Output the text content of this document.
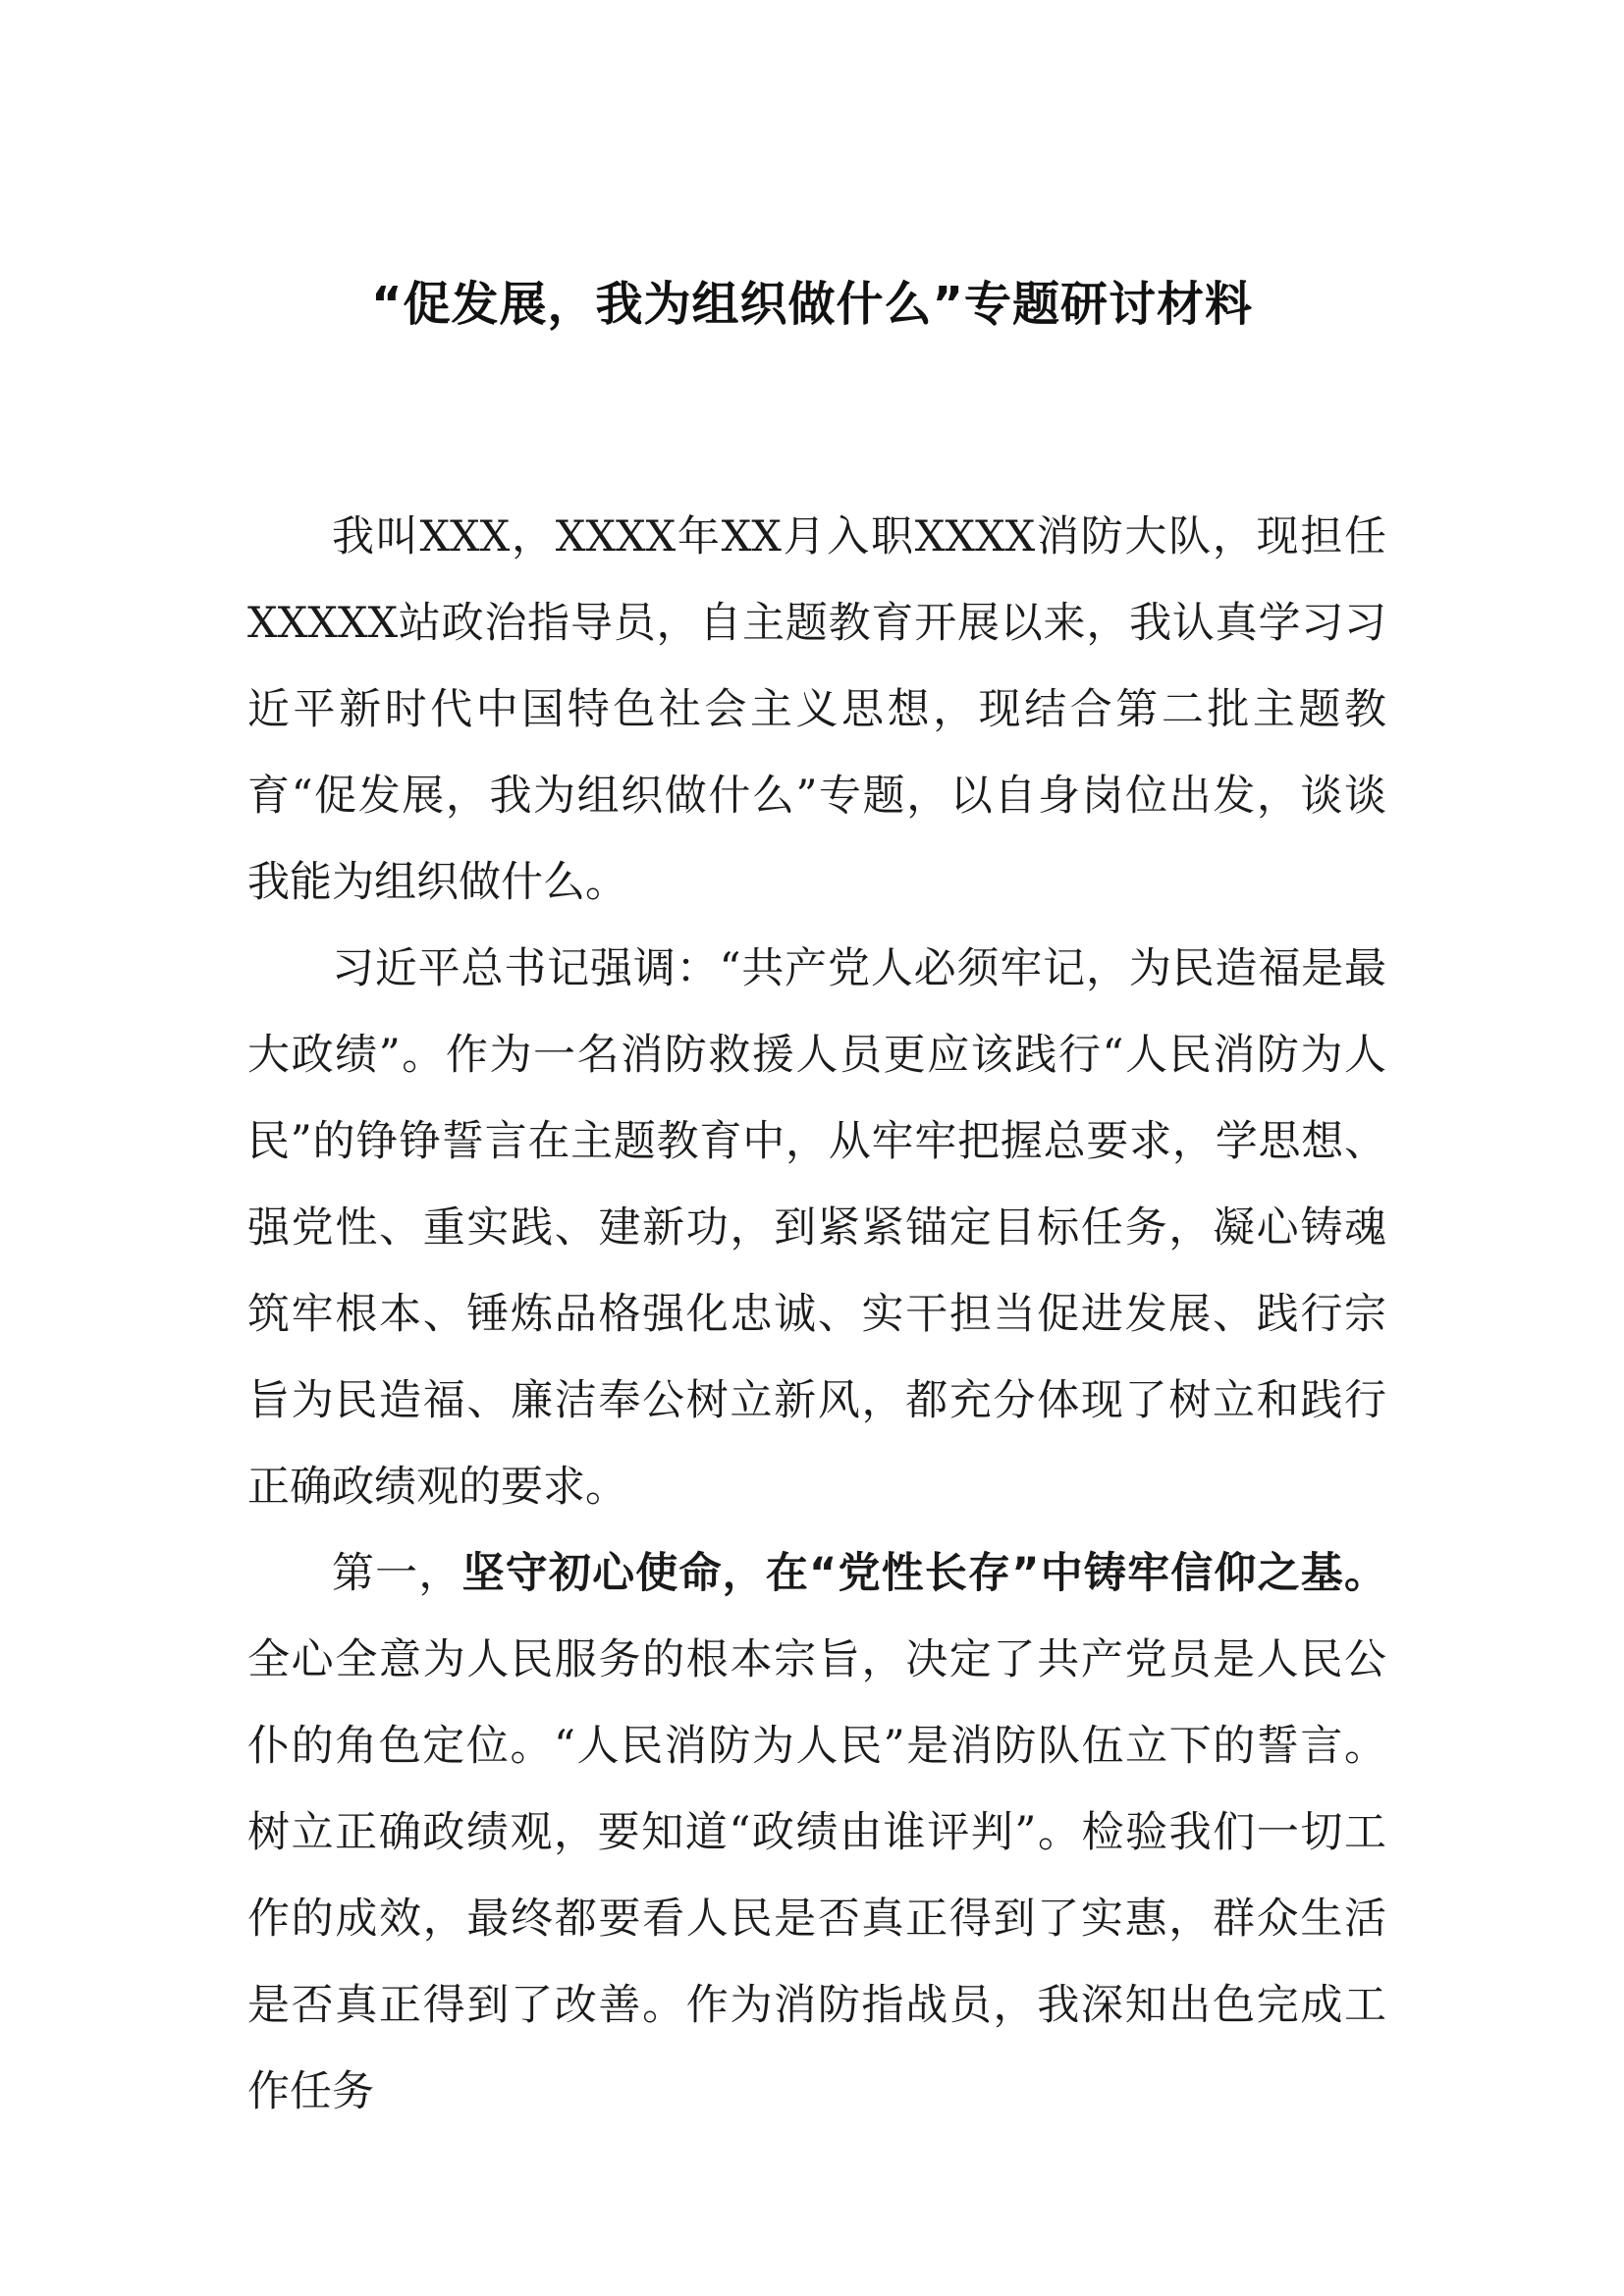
“促发展，我为组织做什么”专题研讨材料

我叫XXX，XXXX年XX月入职XXXX消防大队，现担任XXXXX站政治指导员，自主题教育开展以来，我认真学习习近平新时代中国特色社会主义思想，现结合第二批主题教育“促发展，我为组织做什么”专题，以自身岗位出发，谈谈我能为组织做什么。

习近平总书记强调：“共产党人必须牢记，为民造福是最大政绩”。作为一名消防救援人员更应该践行“人民消防为人民”的铮铮誓言在主题教育中，从牢牢把握总要求，学思想、强党性、重实践、建新功，到紧紧锚定目标任务，凝心铸魂筑牢根本、锤炼品格强化忠诚、实干担当促进发展、践行宗旨为民造福、廉洁奉公树立新风，都充分体现了树立和践行正确政绩观的要求。

第一，坚守初心使命，在“党性长存”中铸牢信仰之基。全心全意为人民服务的根本宗旨，决定了共产党员是人民公仆的角色定位。“人民消防为人民”是消防队伍立下的誓言。树立正确政绩观，要知道“政绩由谁评判”。检验我们一切工作的成效，最终都要看人民是否真正得到了实惠，群众生活是否真正得到了改善。作为消防指战员，我深知出色完成工作任务
